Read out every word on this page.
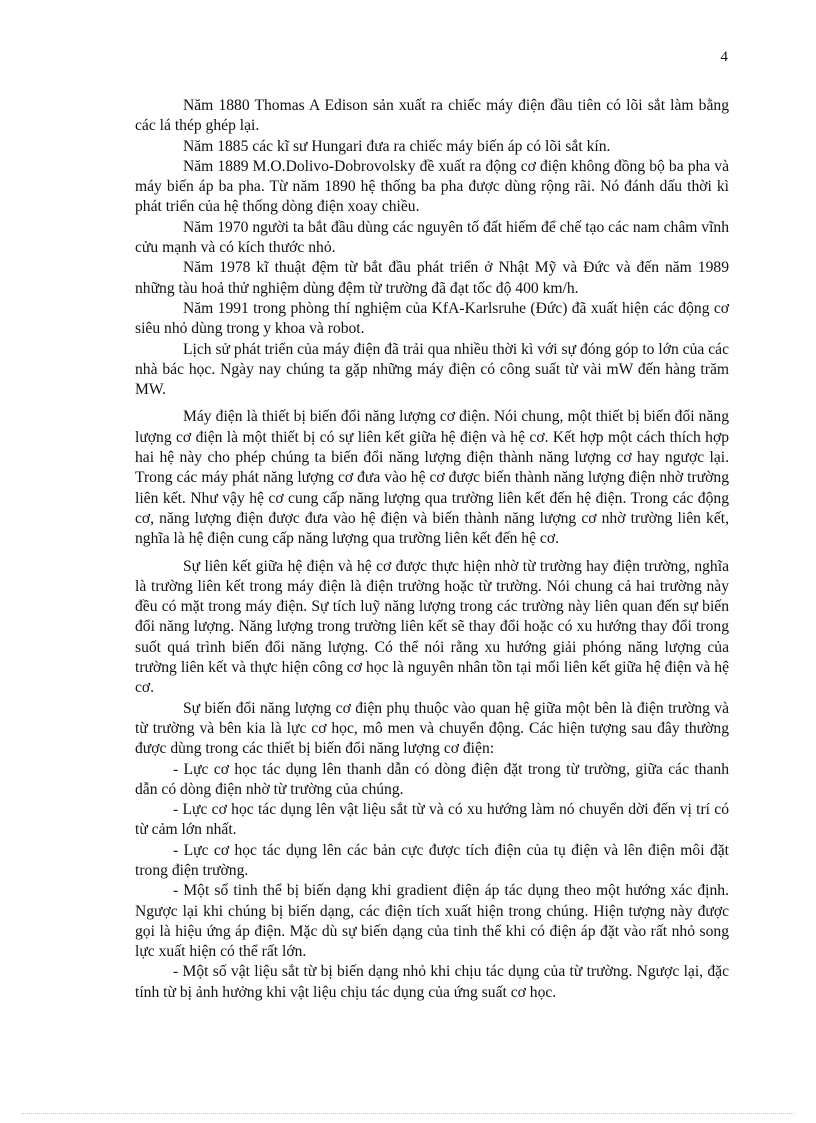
4

Năm 1880 Thomas A Edison sản xuất ra chiếc máy điện đầu tiên có lõi sắt làm bằng các lá thép ghép lại.

Năm 1885 các kĩ sư Hungari đưa ra chiếc máy biến áp có lõi sắt kín.

Năm 1889 M.O.Dolivo-Dobrovolsky đề xuất ra động cơ điện không đồng bộ ba pha và máy biến áp ba pha. Từ năm 1890 hệ thống ba pha được dùng rộng rãi. Nó đánh dấu thời kì phát triển của hệ thống dòng điện xoay chiều.

Năm 1970 người ta bắt đầu dùng các nguyên tố đất hiếm để chế tạo các nam châm vĩnh cửu mạnh và có kích thước nhỏ.

Năm 1978 kĩ thuật đệm từ bắt đầu phát triển ở Nhật Mỹ và Đức và đến năm 1989 những tàu hoả thử nghiệm dùng đệm từ trường đã đạt tốc độ 400 km/h.

Năm 1991 trong phòng thí nghiệm của KfA-Karlsruhe (Đức) đã xuất hiện các động cơ siêu nhỏ dùng trong y khoa và robot.

Lịch sử phát triển của máy điện đã trải qua nhiều thời kì với sự đóng góp to lớn của các nhà bác học. Ngày nay chúng ta gặp những máy điện có công suất từ vài mW đến hàng trăm MW.

Máy điện là thiết bị biến đổi năng lượng cơ điện. Nói chung, một thiết bị biến đổi năng lượng cơ điện là một thiết bị có sự liên kết giữa hệ điện và hệ cơ. Kết hợp một cách thích hợp hai hệ này cho phép chúng ta biến đổi năng lượng điện thành năng lượng cơ hay ngược lại. Trong các máy phát năng lượng cơ đưa vào hệ cơ được biến thành năng lượng điện nhờ trường liên kết. Như vậy hệ cơ cung cấp năng lượng qua trường liên kết đến hệ điện. Trong các động cơ, năng lượng điện được đưa vào hệ điện và biến thành năng lượng cơ nhờ trường liên kết, nghĩa là hệ điện cung cấp năng lượng qua trường liên kết đến hệ cơ.

Sự liên kết giữa hệ điện và hệ cơ được thực hiện nhờ từ trường hay điện trường, nghĩa là trường liên kết trong máy điện là điện trường hoặc từ trường. Nói chung cả hai trường này đều có mặt trong máy điện. Sự tích luỹ năng lượng trong các trường này liên quan đến sự biến đổi năng lượng. Năng lượng trong trường liên kết sẽ thay đổi hoặc có xu hướng thay đổi trong suốt quá trình biến đổi năng lượng. Có thể nói rằng xu hướng giải phóng năng lượng của trường liên kết và thực hiện công cơ học là nguyên nhân tồn tại mối liên kết giữa hệ điện và hệ cơ.

Sự biến đổi năng lượng cơ điện phụ thuộc vào quan hệ giữa một bên là điện trường và từ trường và bên kia là lực cơ học, mô men và chuyển động. Các hiện tượng sau đây thường được dùng trong các thiết bị biến đổi năng lượng cơ điện:

- Lực cơ học tác dụng lên thanh dẫn có dòng điện đặt trong từ trường, giữa các thanh dẫn có dòng điện nhờ từ trường của chúng.

- Lực cơ học tác dụng lên vật liệu sắt từ và có xu hướng làm nó chuyển dời đến vị trí có từ cảm lớn nhất.

- Lực cơ học tác dụng lên các bản cực được tích điện của tụ điện và lên điện môi đặt trong điện trường.

- Một số tinh thể bị biến dạng khi gradient điện áp tác dụng theo một hướng xác định. Ngược lại khi chúng bị biến dạng, các điện tích xuất hiện trong chúng. Hiện tượng này được gọi là hiệu ứng áp điện. Mặc dù sự biến dạng của tinh thể khi có điện áp đặt vào rất nhỏ song lực xuất hiện có thể rất lớn.

- Một số vật liệu sắt từ bị biến dạng nhỏ khi chịu tác dụng của từ trường. Ngược lại, đặc tính từ bị ảnh hưởng khi vật liệu chịu tác dụng của ứng suất cơ học.
